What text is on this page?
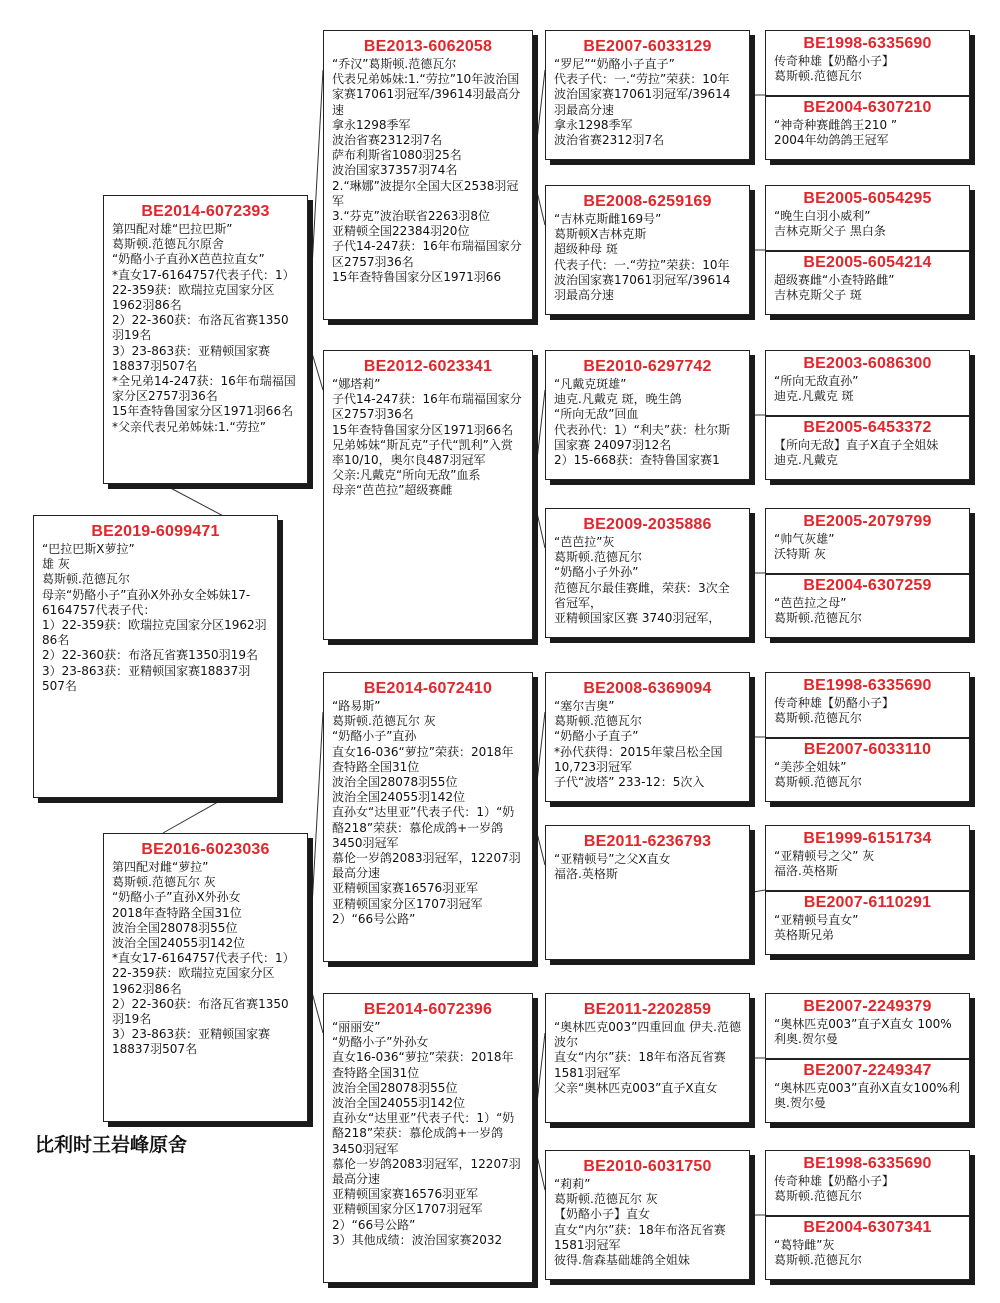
BE2019-6099471
“巴拉巴斯X萝拉”
雄 灰
葛斯顿.范德瓦尔
母亲“奶酪小子”直孙X外孙女全姊妹17-6164757代表子代：
1）22-359获：欧瑞拉克国家分区1962羽86名
2）22-360获：布洛瓦省赛1350羽19名
3）23-863获：亚精顿国家赛18837羽507名
BE2014-6072393
第四配对雄“巴拉巴斯”
葛斯顿.范德瓦尔原舍
“奶酪小子直孙X芭芭拉直女”
*直女17-6164757代表子代：1）22-359获：欧瑞拉克国家分区1962羽86名
2）22-360获：布洛瓦省赛1350羽19名
3）23-863获：亚精顿国家赛18837羽507名
*全兄弟14-247获：16年布瑞福国家分区2757羽36名
15年查特鲁国家分区1971羽66名
*父亲代表兄弟姊妹:1.“劳拉”
BE2016-6023036
第四配对雌“萝拉”
葛斯顿.范德瓦尔 灰
“奶酪小子”直孙X外孙女
2018年查特路全国31位
波治全国28078羽55位
波治全国24055羽142位
*直女17-6164757代表子代：1）22-359获：欧瑞拉克国家分区1962羽86名
2）22-360获：布洛瓦省赛1350羽19名
3）23-863获：亚精顿国家赛18837羽507名
BE2013-6062058
“乔汉”葛斯顿.范德瓦尔
代表兄弟姊妹:1.“劳拉”10年波治国家赛17061羽冠军/39614羽最高分速
拿永1298季军
波治省赛2312羽7名
萨布利斯省1080羽25名
波治国家37357羽74名
2.“琳娜”波提尔全国大区2538羽冠军
3.“芬克”波治联省2263羽8位
亚精顿全国22384羽20位
子代14-247获：16年布瑞福国家分区2757羽36名
15年查特鲁国家分区1971羽66
BE2012-6023341
“娜塔莉”
子代14-247获：16年布瑞福国家分区2757羽36名
15年查特鲁国家分区1971羽66名
兄弟姊妹“斯瓦克”子代“凯利”入赏率10/10，奥尔良487羽冠军
父亲:凡戴克“所向无敌”血系
母亲“芭芭拉”超级赛雌
BE2014-6072410
“路易斯”
葛斯顿.范德瓦尔 灰
“奶酪小子”直孙
直女16-036“萝拉”荣获：2018年查特路全国31位
波治全国28078羽55位
波治全国24055羽142位
直孙女“达里亚”代表子代：1）“奶酪218”荣获：慕伦成鸽+一岁鸽3450羽冠军
慕伦一岁鸽2083羽冠军，12207羽最高分速
亚精顿国家赛16576羽亚军
亚精顿国家分区1707羽冠军
2）“66号公路”
BE2014-6072396
“丽丽安”
“奶酪小子”外孙女
直女16-036“萝拉”荣获：2018年查特路全国31位
波治全国28078羽55位
波治全国24055羽142位
直孙女“达里亚”代表子代：1）“奶酪218”荣获：慕伦成鸽+一岁鸽3450羽冠军
慕伦一岁鸽2083羽冠军，12207羽最高分速
亚精顿国家赛16576羽亚军
亚精顿国家分区1707羽冠军
2）“66号公路”
3）其他成绩：波治国家赛2032
BE2007-6033129
“罗尼”“奶酪小子直子”
代表子代：一.“劳拉”荣获：10年波治国家赛17061羽冠军/39614羽最高分速
拿永1298季军
波治省赛2312羽7名
BE2008-6259169
“吉林克斯雌169号”
葛斯顿X吉林克斯
超级种母 斑
代表子代：一.“劳拉”荣获：10年波治国家赛17061羽冠军/39614羽最高分速
BE2010-6297742
“凡戴克斑雄”
迪克.凡戴克 斑，晚生鸽
“所向无敌”回血
代表孙代：1）“利夫”获：杜尔斯国家赛 24097羽12名
2）15-668获：查特鲁国家赛1
BE2009-2035886
“芭芭拉”灰
葛斯顿.范德瓦尔
“奶酪小子外孙”
范德瓦尔最佳赛雌，荣获：3次全省冠军，
亚精顿国家区赛 3740羽冠军，
BE2008-6369094
“塞尔吉奥”
葛斯顿.范德瓦尔
“奶酪小子直子”
*孙代获得：2015年蒙吕松全国10,723羽冠军
子代“波塔” 233-12：5次入
BE2011-6236793
“亚精顿号”之父X直女
福洛.英格斯
BE2011-2202859
“奥林匹克003”四重回血 伊夫.范德波尔
直女“内尔”获：18年布洛瓦省赛1581羽冠军
父亲“奥林匹克003”直子X直女
BE2010-6031750
“莉莉”
葛斯顿.范德瓦尔 灰
【奶酪小子】直女
直女“内尔”获：18年布洛瓦省赛1581羽冠军
彼得.詹森基础雄鸽全姐妹
BE1998-6335690
传奇种雄【奶酪小子】
葛斯顿.范德瓦尔
BE2004-6307210
“神奇种赛雌鸽王210 ”
2004年幼鸽鸽王冠军
BE2005-6054295
“晚生白羽小威利”
吉林克斯父子 黑白条
BE2005-6054214
超级赛雌“小查特路雌”
吉林克斯父子 斑
BE2003-6086300
“所向无敌直孙”
迪克.凡戴克 斑
BE2005-6453372
【所向无敌】直子X直子全姐妹
迪克.凡戴克
BE2005-2079799
“帅气灰雄”
沃特斯 灰
BE2004-6307259
“芭芭拉之母”
葛斯顿.范德瓦尔
BE1998-6335690
传奇种雄【奶酪小子】
葛斯顿.范德瓦尔
BE2007-6033110
“美莎全姐妹”
葛斯顿.范德瓦尔
BE1999-6151734
“亚精顿号之父” 灰
福洛.英格斯
BE2007-6110291
“亚精顿号直女”
英格斯兄弟
BE2007-2249379
“奥林匹克003”直子X直女 100%利奥.贺尔曼
BE2007-2249347
“奥林匹克003”直孙X直女100%利奥.贺尔曼
BE1998-6335690
传奇种雄【奶酪小子】
葛斯顿.范德瓦尔
BE2004-6307341
“葛特雌”灰
葛斯顿.范德瓦尔
比利时王岩峰原舍
